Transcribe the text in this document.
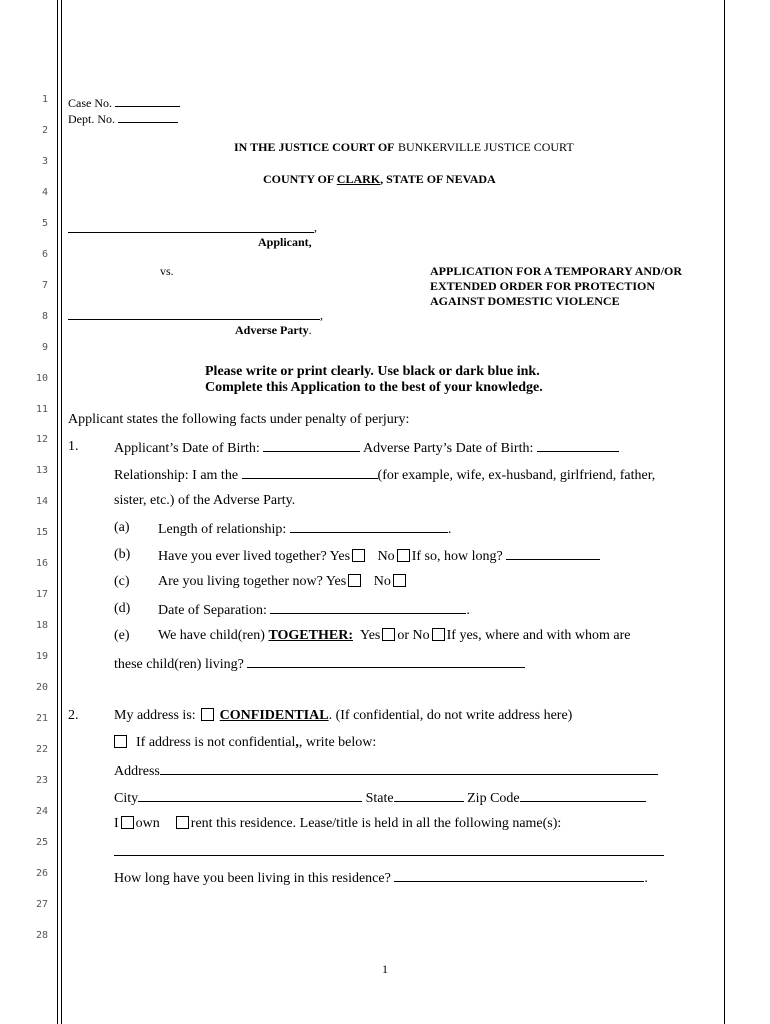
1
2
3
4
5
6
7
8
9
10
11
12
13
14
15
16
17
18
19
20
21
22
23
24
25
26
27
28
Case No.
Dept. No.
IN THE JUSTICE COURT OF BUNKERVILLE JUSTICE COURT
COUNTY OF CLARK, STATE OF NEVADA
,
Applicant,
vs.	APPLICATION FOR A TEMPORARY AND/OR
EXTENDED ORDER FOR PROTECTION
AGAINST DOMESTIC VIOLENCE
,
Adverse Party.
Please write or print clearly. Use black or dark blue ink.
Complete this Application to the best of your knowledge.
Applicant states the following facts under penalty of perjury:
1.	Applicant’s Date of Birth:	Adverse Party’s Date of Birth:
Relationship: I am the	(for example, wife, ex-husband, girlfriend, father,
sister, etc.) of the Adverse Party.
(a) Length of relationship:	.
(b) Have you ever lived together? Yes No If so, how long?
(c) Are you living together now? Yes No
(d) Date of Separation:	.
(e) We have child(ren) TOGETHER: Yes or No If yes, where and with whom are
these child(ren) living?
2.	My address is: CONFIDENTIAL. (If confidential, do not write address here)
If address is not confidential,, write below:
Address
City	State	Zip Code
I own rent this residence. Lease/title is held in all the following name(s):
How long have you been living in this residence?	.
1
